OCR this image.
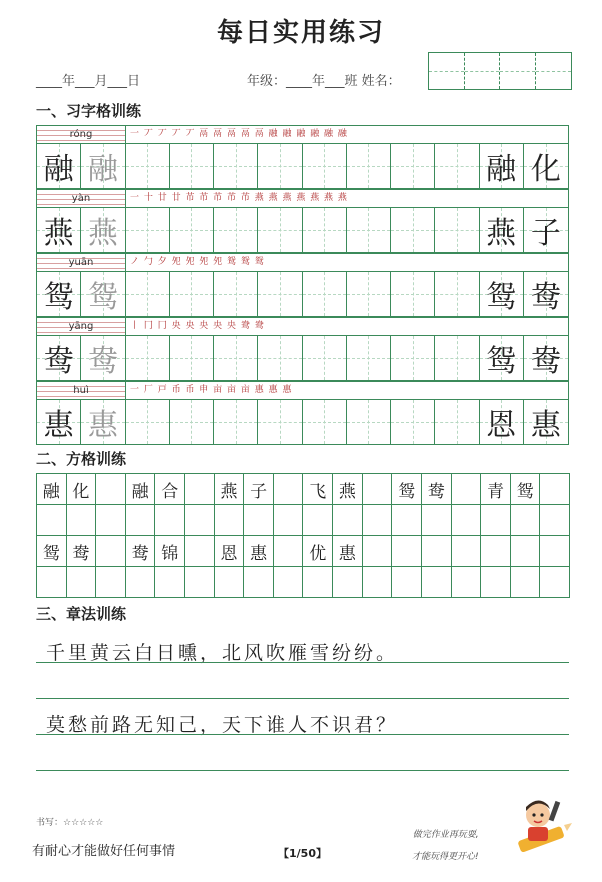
每日实用练习
____年___月___日	年级：____年___班 姓名：
一、习字格训练
róng	一 丆 丆 丆 丆 鬲 鬲 鬲 鬲 鬲 融 融 融 融 融 融
融 融	融 化
yàn	一 十 廿 廿 芇 芇 芇 芇 芇 燕 燕 燕 燕 燕 燕 燕
燕 燕	燕 子
yuān	ノ 勹 夕 夗 夗 夗 夗 鸳 鸳 鸳
鸳 鸳	鸳 鸯
yāng	丨 冂 冂 央 央 央 央 央 鸯 鸯
鸯 鸯	鸳 鸯
huì	一 厂 戸 币 币 申 亩 亩 亩 惠 惠 惠
惠 惠	恩 惠
二、方格训练
融 化	融 合	燕 子	飞 燕	鸳 鸯	青 鸳
鸳 鸯	鸯 锦	恩 惠	优 惠
三、章法训练
千里黄云白日曛，北风吹雁雪纷纷。
莫愁前路无知己，天下谁人不识君？
书写：☆☆☆☆☆
有耐心才能做好任何事情	【1/50】
做完作业再玩耍,
才能玩得更开心!
